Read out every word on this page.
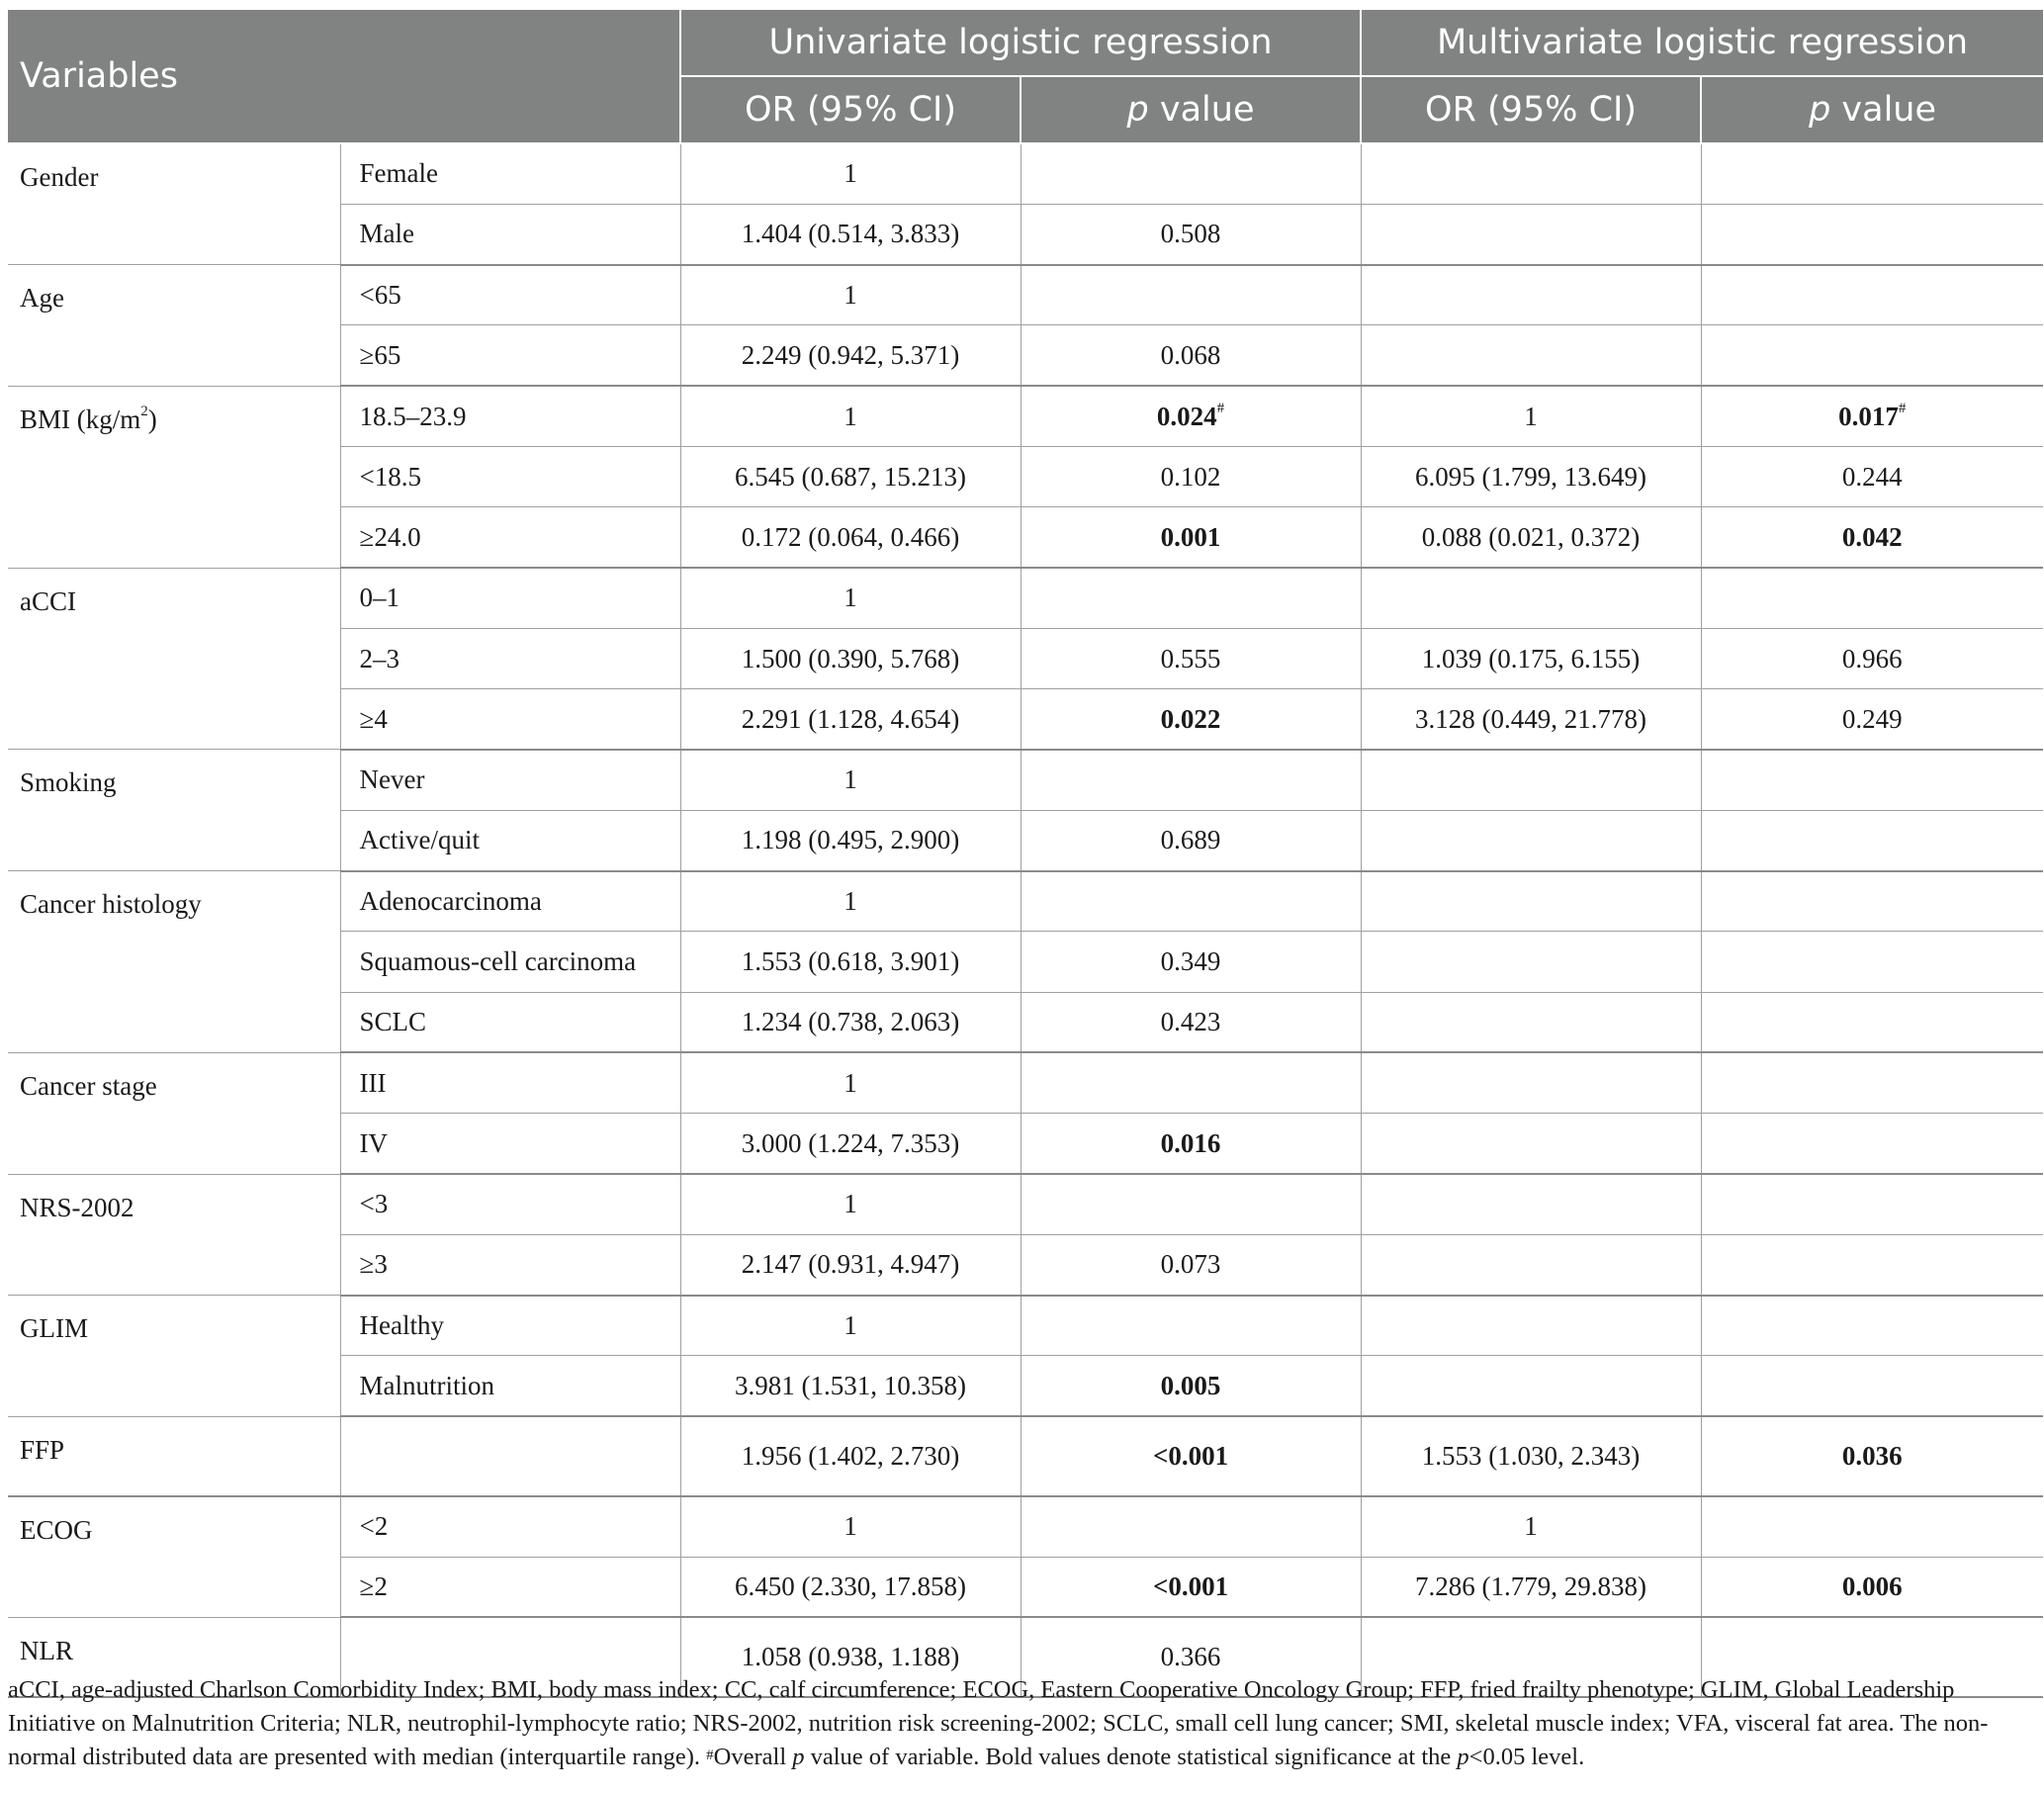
Variables		Univariate logistic regression		Multivariate logistic regression	
		OR (95% CI)	p value	OR (95% CI)	p value
Gender	Female	1			
	Male	1.404 (0.514, 3.833)	0.508		
Age	<65	1			
	≥65	2.249 (0.942, 5.371)	0.068		
BMI $(kg/m^2)$	18.5–23.9	1	0.024#	1	0.017#
	<18.5	6.545 (0.687, 15.213)	0.102	6.095 (1.799, 13.649)	0.244
	≥24.0	0.172 (0.064, 0.466)	0.001	0.088 (0.021, 0.372)	0.042
aCCI	0–1	1			
	2–3	1.500 (0.390, 5.768)	0.555	1.039 (0.175, 6.155)	0.966
	≥4	2.291 (1.128, 4.654)	0.022	3.128 (0.449, 21.778)	0.249
Smoking	Never	1			
	Active/quit	1.198 (0.495, 2.900)	0.689		
Cancer histology	Adenocarcinoma	1			
	Squamous-cell carcinoma	1.553 (0.618, 3.901)	0.349		
	SCLC	1.234 (0.738, 2.063)	0.423		
Cancer stage	III	1			
	IV	3.000 (1.224, 7.353)	0.016		
NRS-2002	<3	1			
	≥3	2.147 (0.931, 4.947)	0.073		
GLIM	Healthy	1			
	Malnutrition	3.981 (1.531, 10.358)	0.005		
FFP		1.956 (1.402, 2.730)	<0.001	1.553 (1.030, 2.343)	0.036
ECOG	<2	1		1	
	≥2	6.450 (2.330, 17.858)	<0.001	7.286 (1.779, 29.838)	0.006
NLR		1.058 (0.938, 1.188)	0.366		
aCCI, age-adjusted Charlson Comorbidity Index; BMI, body mass index; CC, calf circumference; ECOG, Eastern Cooperative Oncology Group; FFP, fried frailty phenotype; GLIM, Global Leadership Initiative on Malnutrition Criteria; NLR, neutrophil-lymphocyte ratio; NRS-2002, nutrition risk screening-2002; SCLC, small cell lung cancer; SMI, skeletal muscle index; VFA, visceral fat area. The non-normal distributed data are presented with median (interquartile range). #Overall p value of variable. Bold values denote statistical significance at the p<0.05 level.
